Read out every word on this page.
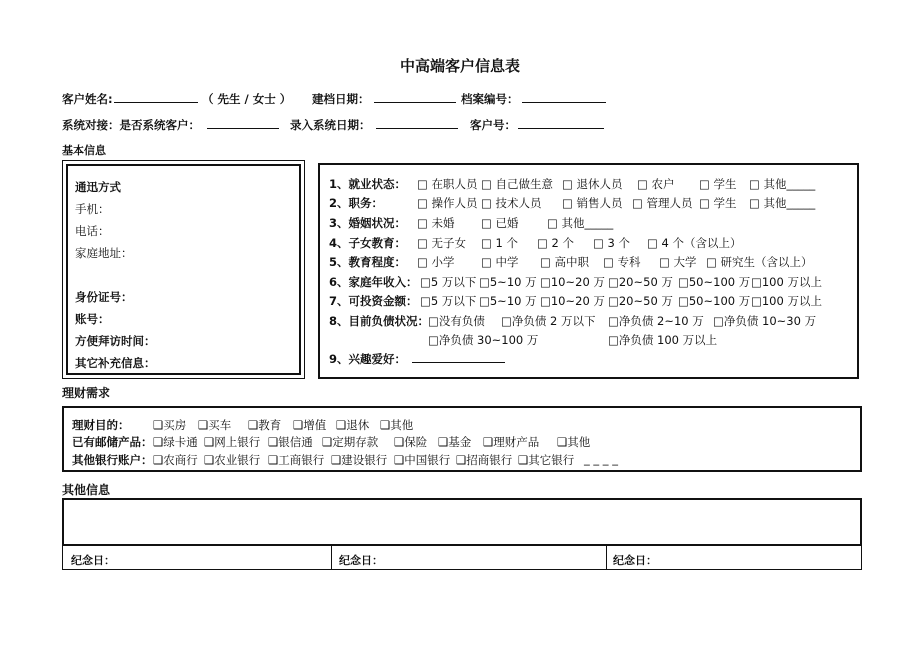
中高端客户信息表
客户姓名:	（ 先生 / 女士 ） 建档日期：	档案编号：
系统对接：是否系统客户：	录入系统日期：	客户号：
基本信息
通迅方式
手机：
电话：
家庭地址：
身份证号：
账号：
方便拜访时间：
其它补充信息：
1、就业状态： □ 在职人员 □ 自己做生意 □ 退休人员 □ 农户 □ 学生 □ 其他_____
2、职务：	□ 操作人员 □ 技术人员 □ 销售人员 □ 管理人员 □ 学生 □ 其他_____
3、婚姻状况： □ 未婚 □ 已婚 □ 其他_____
4、子女教育： □ 无子女 □ 1 个 □ 2 个 □ 3 个 □ 4 个（含以上）
5、教育程度： □ 小学 □ 中学 □ 高中职 □ 专科 □ 大学 □ 研究生（含以上）
6、家庭年收入： □5 万以下 □5~10 万 □10~20 万 □20~50 万 □50~100 万 □100 万以上
7、可投资金额： □5 万以下 □5~10 万 □10~20 万 □20~50 万 □50~100 万 □100 万以上
8、目前负债状况：
□没有负债 □净负债 2 万以下 □净负债 2~10 万 □净负债 10~30 万
□净负债 30~100 万	□净负债 100 万以上
9、兴趣爱好：
理财需求
理财目的： ❑买房 ❑买车 ❑教育 ❑增值 ❑退休 ❑其他
已有邮储产品： ❑绿卡通 ❑网上银行 ❑银信通 ❑定期存款 ❑保险 ❑基金 ❑理财产品 ❑其他
其他银行账户： ❑农商行 ❑农业银行 ❑工商银行 ❑建设银行 ❑中国银行 ❑招商银行 ❑其它银行 _ _ _ _
其他信息
纪念日：	纪念日：	纪念日：
